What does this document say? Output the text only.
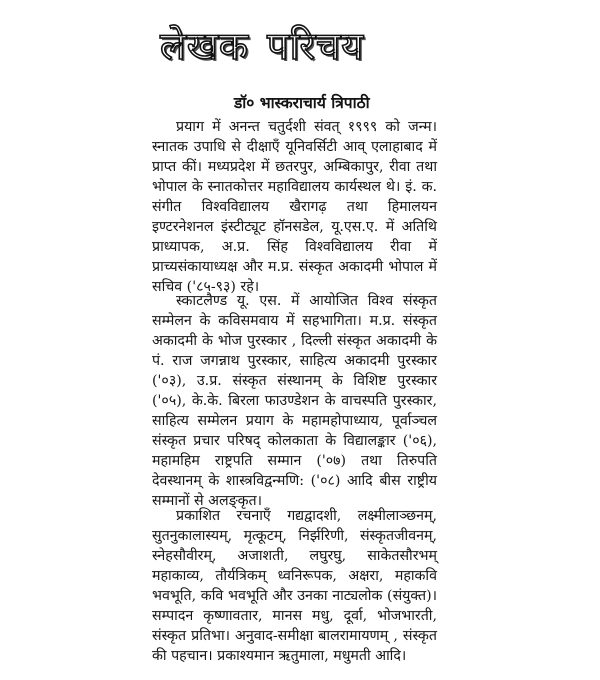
लेखक परिचय
डॉ० भास्कराचार्य त्रिपाठी

प्रयाग में अनन्त चतुर्दशी संवत् १९९९ को जन्म। स्नातक उपाधि से दीक्षाएँ यूनिवर्सिटी आव् एलाहाबाद में प्राप्त कीं। मध्यप्रदेश में छतरपुर, अम्बिकापुर, रीवा तथा भोपाल के स्नातकोत्तर महाविद्यालय कार्यस्थल थे। इं. क. संगीत विश्वविद्यालय खैरागढ़ तथा हिमालयन इण्टरनेशनल इंस्टीट्यूट हॉनसडेल, यू.एस.ए. में अतिथि प्राध्यापक, अ.प्र. सिंह विश्वविद्यालय रीवा में प्राच्यसंकायाध्यक्ष और म.प्र. संस्कृत अकादमी भोपाल में सचिव ('८५-९३) रहे।

स्काटलैण्ड यू. एस. में आयोजित विश्व संस्कृत सम्मेलन के कविसमवाय में सहभागिता। म.प्र. संस्कृत अकादमी के भोज पुरस्कार , दिल्ली संस्कृत अकादमी के पं. राज जगन्नाथ पुरस्कार, साहित्य अकादमी पुरस्कार ('०३), उ.प्र. संस्कृत संस्थानम् के विशिष्ट पुरस्कार ('०५), के.के. बिरला फाउण्डेशन के वाचस्पति पुरस्कार, साहित्य सम्मेलन प्रयाग के महामहोपाध्याय, पूर्वाञ्चल संस्कृत प्रचार परिषद् कोलकाता के विद्यालङ्कार ('०६), महामहिम राष्ट्रपति सम्मान ('०७) तथा तिरुपति देवस्थानम् के शास्त्रविद्वन्मणि: ('०८) आदि बीस राष्ट्रीय सम्मानों से अलङ्कृत।

प्रकाशित रचनाएँ गद्यद्वादशी, लक्ष्मीलाञ्छनम्, सुतनुकालास्यम्, मृत्कूटम्, निर्झरिणी, संस्कृतजीवनम्, स्नेहसौवीरम्, अजाशती, लघुरघु, साकेतसौरभम् महाकाव्य, तौर्यत्रिकम् ध्वनिरूपक, अक्षरा, महाकवि भवभूति, कवि भवभूति और उनका नाट्यलोक (संयुक्त)। सम्पादन कृष्णावतार, मानस मधु, दूर्वा, भोजभारती, संस्कृत प्रतिभा। अनुवाद-समीक्षा बालरामायणम् , संस्कृत की पहचान। प्रकाश्यमान ऋतुमाला, मधुमती आदि।
